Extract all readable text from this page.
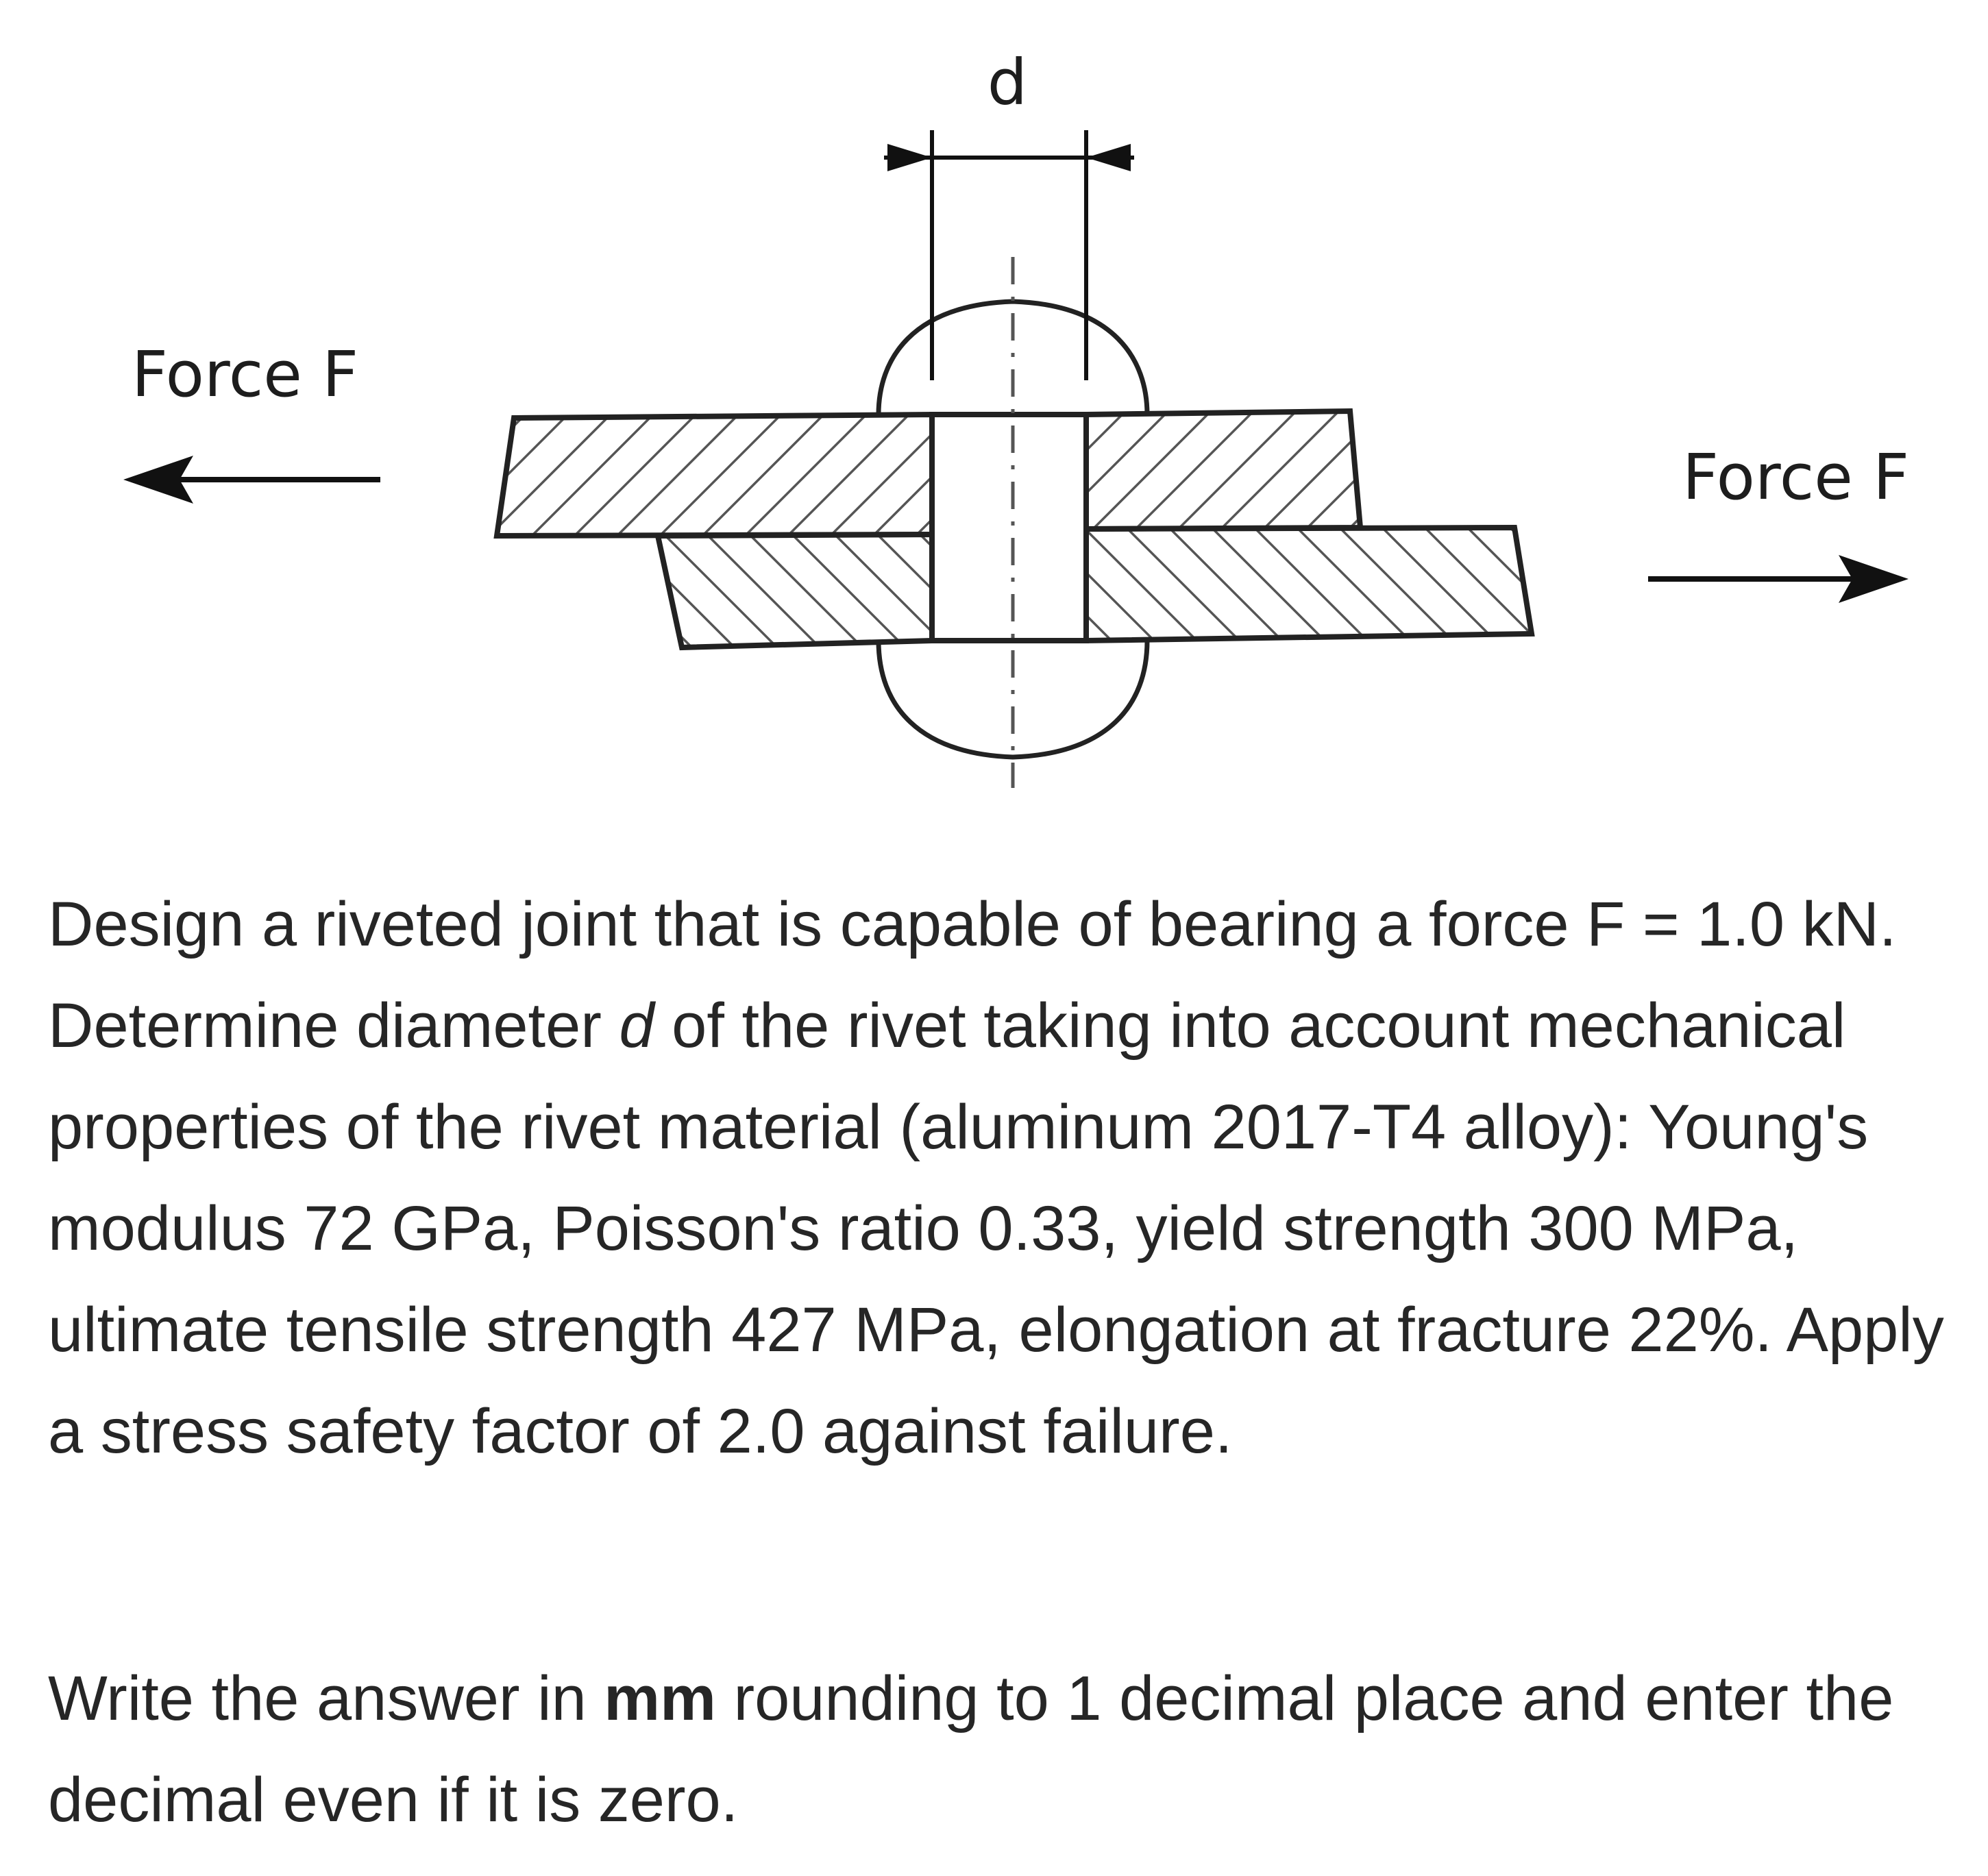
d
Force F
Force F

Design a riveted joint that is capable of bearing a force F = 1.0 kN. Determine diameter d of the rivet taking into account mechanical properties of the rivet material (aluminum 2017-T4 alloy): Young's modulus 72 GPa, Poisson's ratio 0.33, yield strength 300 MPa, ultimate tensile strength 427 MPa, elongation at fracture 22%. Apply a stress safety factor of 2.0 against failure.

Write the answer in mm rounding to 1 decimal place and enter the decimal even if it is zero.
